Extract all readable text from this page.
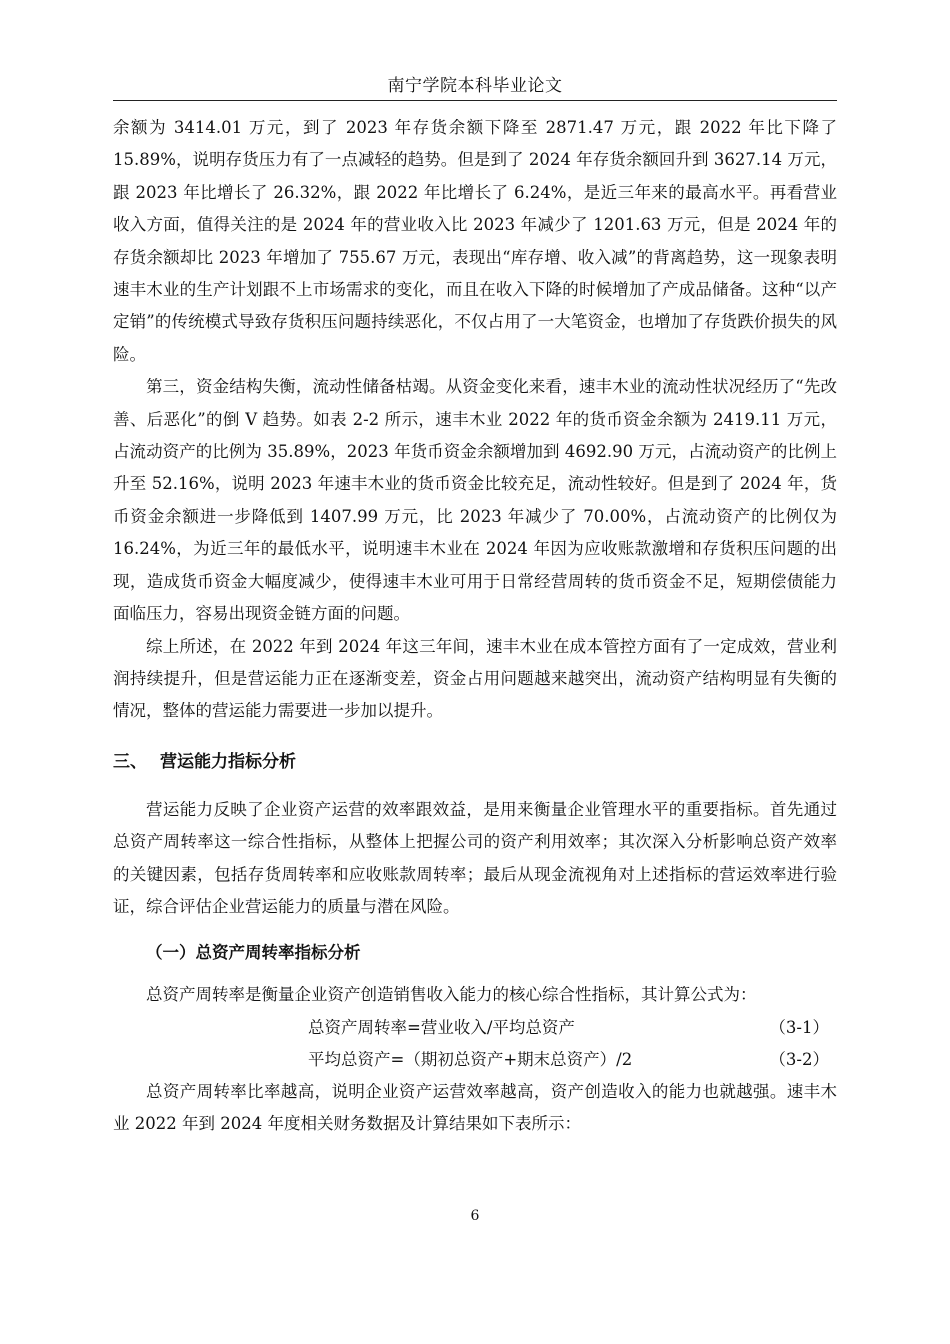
南宁学院本科毕业论文

余额为 3414.01 万元，到了 2023 年存货余额下降至 2871.47 万元，跟 2022 年比下降了 15.89%，说明存货压力有了一点减轻的趋势。但是到了 2024 年存货余额回升到 3627.14 万元，跟 2023 年比增长了 26.32%，跟 2022 年比增长了 6.24%，是近三年来的最高水平。再看营业收入方面，值得关注的是 2024 年的营业收入比 2023 年减少了 1201.63 万元，但是 2024 年的存货余额却比 2023 年增加了 755.67 万元，表现出“库存增、收入减”的背离趋势，这一现象表明速丰木业的生产计划跟不上市场需求的变化，而且在收入下降的时候增加了产成品储备。这种“以产定销”的传统模式导致存货积压问题持续恶化，不仅占用了一大笔资金，也增加了存货跌价损失的风险。

第三，资金结构失衡，流动性储备枯竭。从资金变化来看，速丰木业的流动性状况经历了“先改善、后恶化”的倒 V 趋势。如表 2-2 所示，速丰木业 2022 年的货币资金余额为 2419.11 万元，占流动资产的比例为 35.89%，2023 年货币资金余额增加到 4692.90 万元，占流动资产的比例上升至 52.16%，说明 2023 年速丰木业的货币资金比较充足，流动性较好。但是到了 2024 年，货币资金余额进一步降低到 1407.99 万元，比 2023 年减少了 70.00%，占流动资产的比例仅为 16.24%，为近三年的最低水平，说明速丰木业在 2024 年因为应收账款激增和存货积压问题的出现，造成货币资金大幅度减少，使得速丰木业可用于日常经营周转的货币资金不足，短期偿债能力面临压力，容易出现资金链方面的问题。

综上所述，在 2022 年到 2024 年这三年间，速丰木业在成本管控方面有了一定成效，营业利润持续提升，但是营运能力正在逐渐变差，资金占用问题越来越突出，流动资产结构明显有失衡的情况，整体的营运能力需要进一步加以提升。

三、 营运能力指标分析

营运能力反映了企业资产运营的效率跟效益，是用来衡量企业管理水平的重要指标。首先通过总资产周转率这一综合性指标，从整体上把握公司的资产利用效率；其次深入分析影响总资产效率的关键因素，包括存货周转率和应收账款周转率；最后从现金流视角对上述指标的营运效率进行验证，综合评估企业营运能力的质量与潜在风险。

（一）总资产周转率指标分析

总资产周转率是衡量企业资产创造销售收入能力的核心综合性指标，其计算公式为：

总资产周转率=营业收入/平均总资产	（3-1）
平均总资产=（期初总资产+期末总资产）/2	（3-2）

总资产周转率比率越高，说明企业资产运营效率越高，资产创造收入的能力也就越强。速丰木业 2022 年到 2024 年度相关财务数据及计算结果如下表所示：

6
